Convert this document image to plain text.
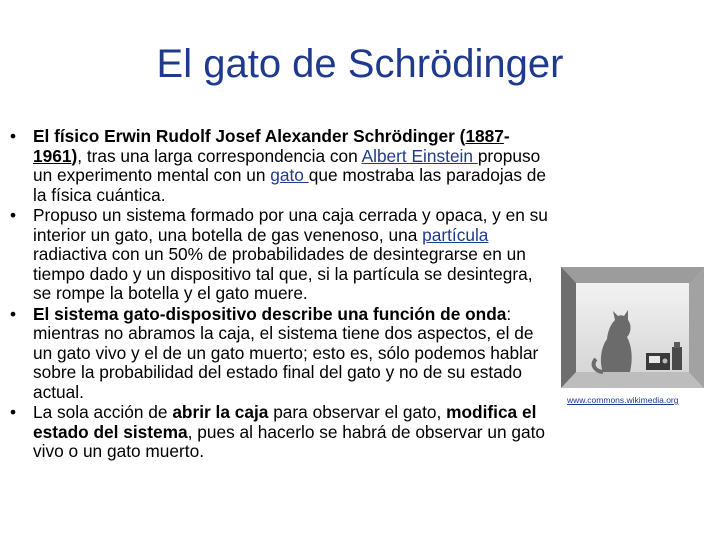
El gato de Schrödinger
• El físico Erwin Rudolf Josef Alexander Schrödinger (1887- 1961), tras una larga correspondencia con Albert Einstein propuso un experimento mental con un gato que mostraba las paradojas de la física cuántica.
• Propuso un sistema formado por una caja cerrada y opaca, y en su interior un gato, una botella de gas venenoso, una partícula radiactiva con un 50% de probabilidades de desintegrarse en un tiempo dado y un dispositivo tal que, si la partícula se desintegra, se rompe la botella y el gato muere.
• El sistema gato-dispositivo describe una función de onda: mientras no abramos la caja, el sistema tiene dos aspectos, el de un gato vivo y el de un gato muerto; esto es, sólo podemos hablar sobre la probabilidad del estado final del gato y no de su estado actual.
• La sola acción de abrir la caja para observar el gato, modifica el estado del sistema, pues al hacerlo se habrá de observar un gato vivo o un gato muerto.
www.commons.wikimedia.org
